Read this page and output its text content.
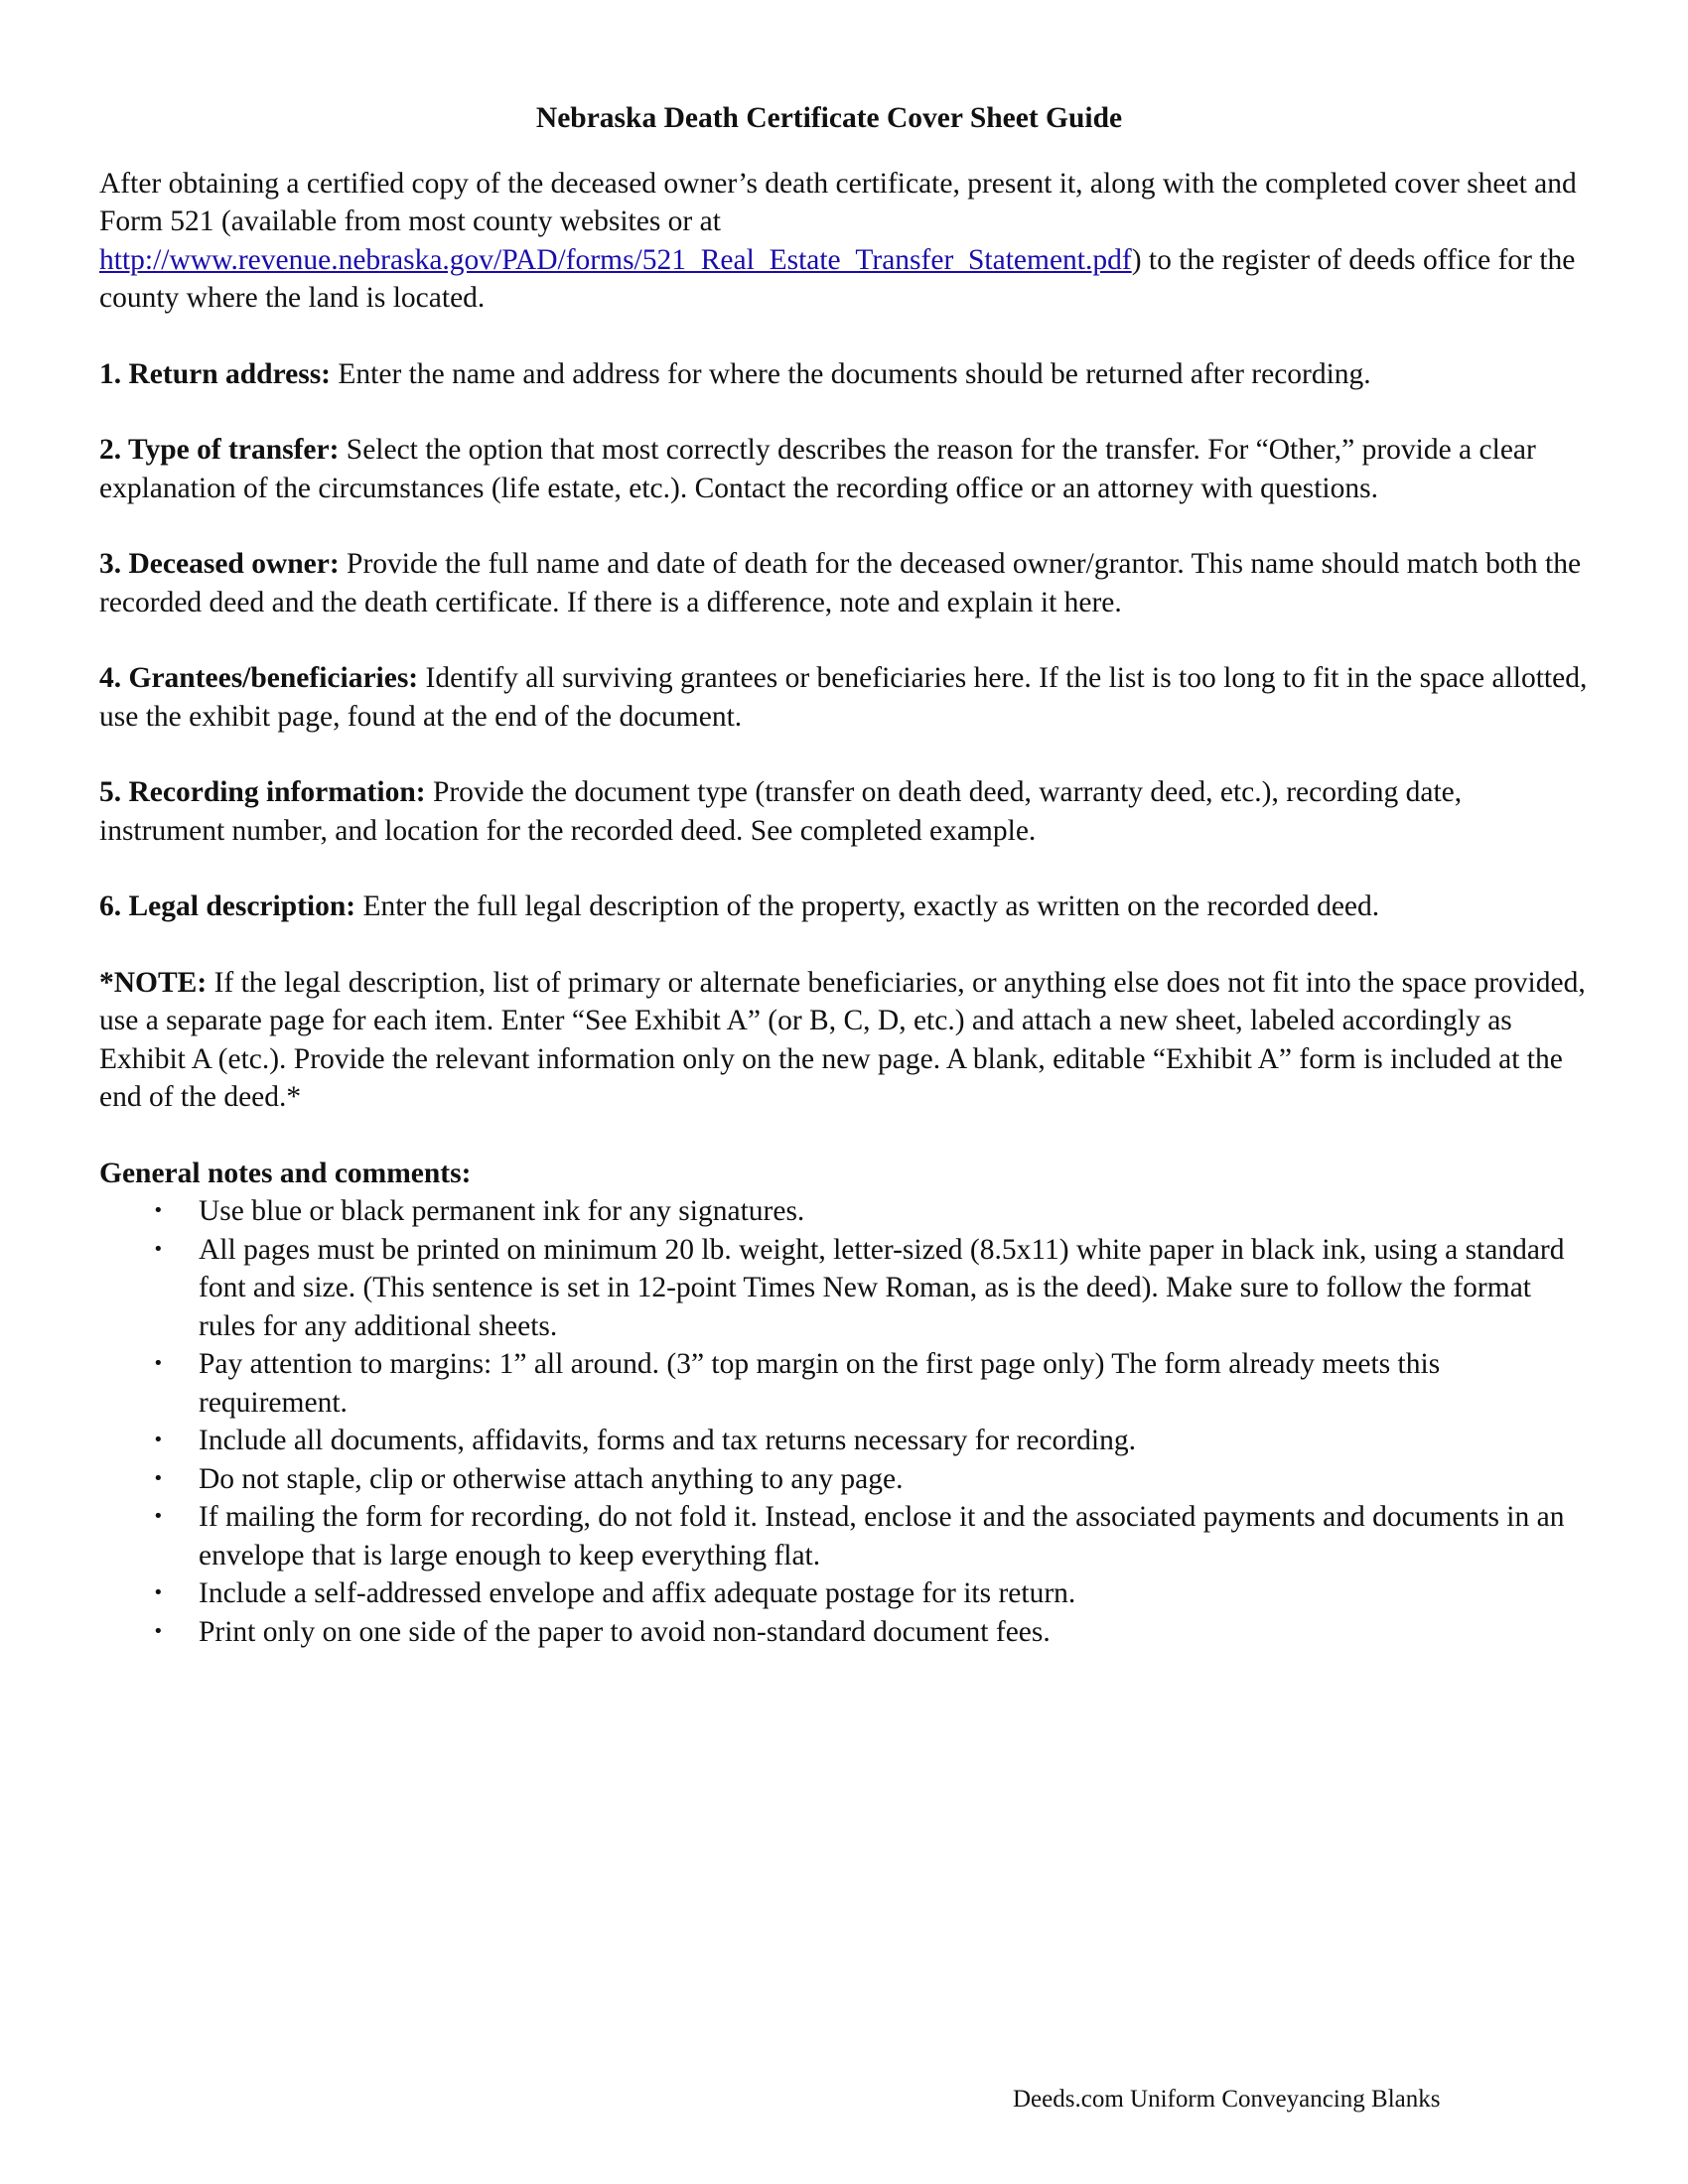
Nebraska Death Certificate Cover Sheet Guide

After obtaining a certified copy of the deceased owner’s death certificate, present it, along with the completed cover sheet and Form 521 (available from most county websites or at http://www.revenue.nebraska.gov/PAD/forms/521_Real_Estate_Transfer_Statement.pdf) to the register of deeds office for the county where the land is located.

1. Return address: Enter the name and address for where the documents should be returned after recording.

2. Type of transfer: Select the option that most correctly describes the reason for the transfer. For “Other,” provide a clear explanation of the circumstances (life estate, etc.). Contact the recording office or an attorney with questions.

3. Deceased owner: Provide the full name and date of death for the deceased owner/grantor. This name should match both the recorded deed and the death certificate. If there is a difference, note and explain it here.

4. Grantees/beneficiaries: Identify all surviving grantees or beneficiaries here. If the list is too long to fit in the space allotted, use the exhibit page, found at the end of the document.

5. Recording information: Provide the document type (transfer on death deed, warranty deed, etc.), recording date, instrument number, and location for the recorded deed. See completed example.

6. Legal description: Enter the full legal description of the property, exactly as written on the recorded deed.

*NOTE: If the legal description, list of primary or alternate beneficiaries, or anything else does not fit into the space provided, use a separate page for each item. Enter “See Exhibit A” (or B, C, D, etc.) and attach a new sheet, labeled accordingly as Exhibit A (etc.). Provide the relevant information only on the new page. A blank, editable “Exhibit A” form is included at the end of the deed.*

General notes and comments:
• Use blue or black permanent ink for any signatures.
• All pages must be printed on minimum 20 lb. weight, letter-sized (8.5x11) white paper in black ink, using a standard font and size. (This sentence is set in 12-point Times New Roman, as is the deed). Make sure to follow the format rules for any additional sheets.
• Pay attention to margins: 1” all around. (3” top margin on the first page only) The form already meets this requirement.
• Include all documents, affidavits, forms and tax returns necessary for recording.
• Do not staple, clip or otherwise attach anything to any page.
• If mailing the form for recording, do not fold it. Instead, enclose it and the associated payments and documents in an envelope that is large enough to keep everything flat.
• Include a self-addressed envelope and affix adequate postage for its return.
• Print only on one side of the paper to avoid non-standard document fees.
Deeds.com Uniform Conveyancing Blanks
